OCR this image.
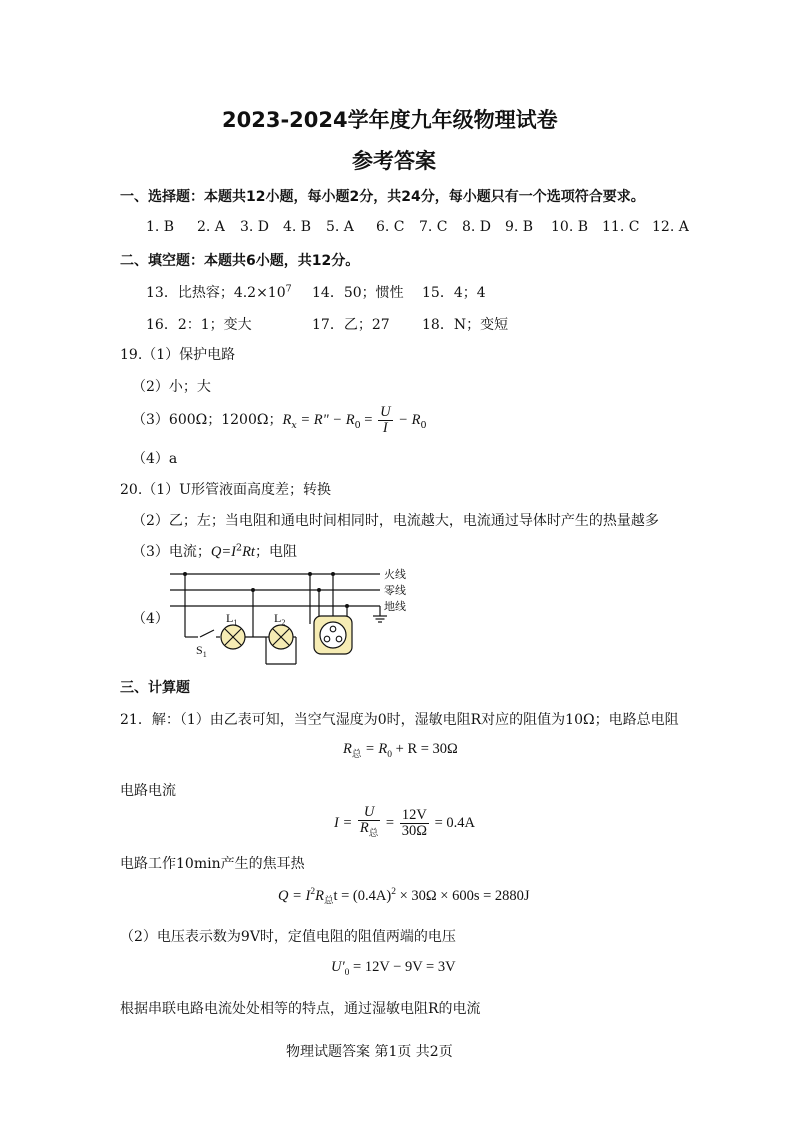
2023-2024学年度九年级物理试卷
参考答案
一、选择题：本题共12小题，每小题2分，共24分，每小题只有一个选项符合要求。
1. B 2. A 3. D 4. B 5. A 6. C 7. C 8. D 9. B 10. B 11. C 12. A
二、填空题：本题共6小题，共12分。
13．比热容；$4.2\times 10^7$ 14．50；惯性 15．4；4
16．2：1；变大	17．乙；27 18．N；变短
19.（1）保护电路
（2）小；大
（3）600Ω；1200Ω；$R_x = R$" − $R_0 = \frac{U}{I} - R_0$
（4）a
20.（1）U形管液面高度差；转换
（2）乙；左；当电阻和通电时间相同时，电流越大，电流通过导体时产生的热量越多
（3）电流；$Q=I^2Rt$；电阻
（4）
火线
零线
地线
$L_1$	$L_2$
$S_1$
三、计算题
21．解：（1）由乙表可知，当空气湿度为0时，湿敏电阻R对应的阻值为10Ω；电路总电阻
$R_总 = R_0 + R = 30\Omega$
电路电流
$I = \frac{U}{R_总} = \frac{12V}{30\Omega} = 0.4A$
电路工作10min产生的焦耳热
$Q = I^2R_总t = (0.4A)^2 \times 30\Omega \times 600s = 2880J$
（2）电压表示数为9V时，定值电阻的阻值两端的电压
$U'_0 = 12V - 9V = 3V$
根据串联电路电流处处相等的特点，通过湿敏电阻R的电流
物理试题答案 第1页 共2页
